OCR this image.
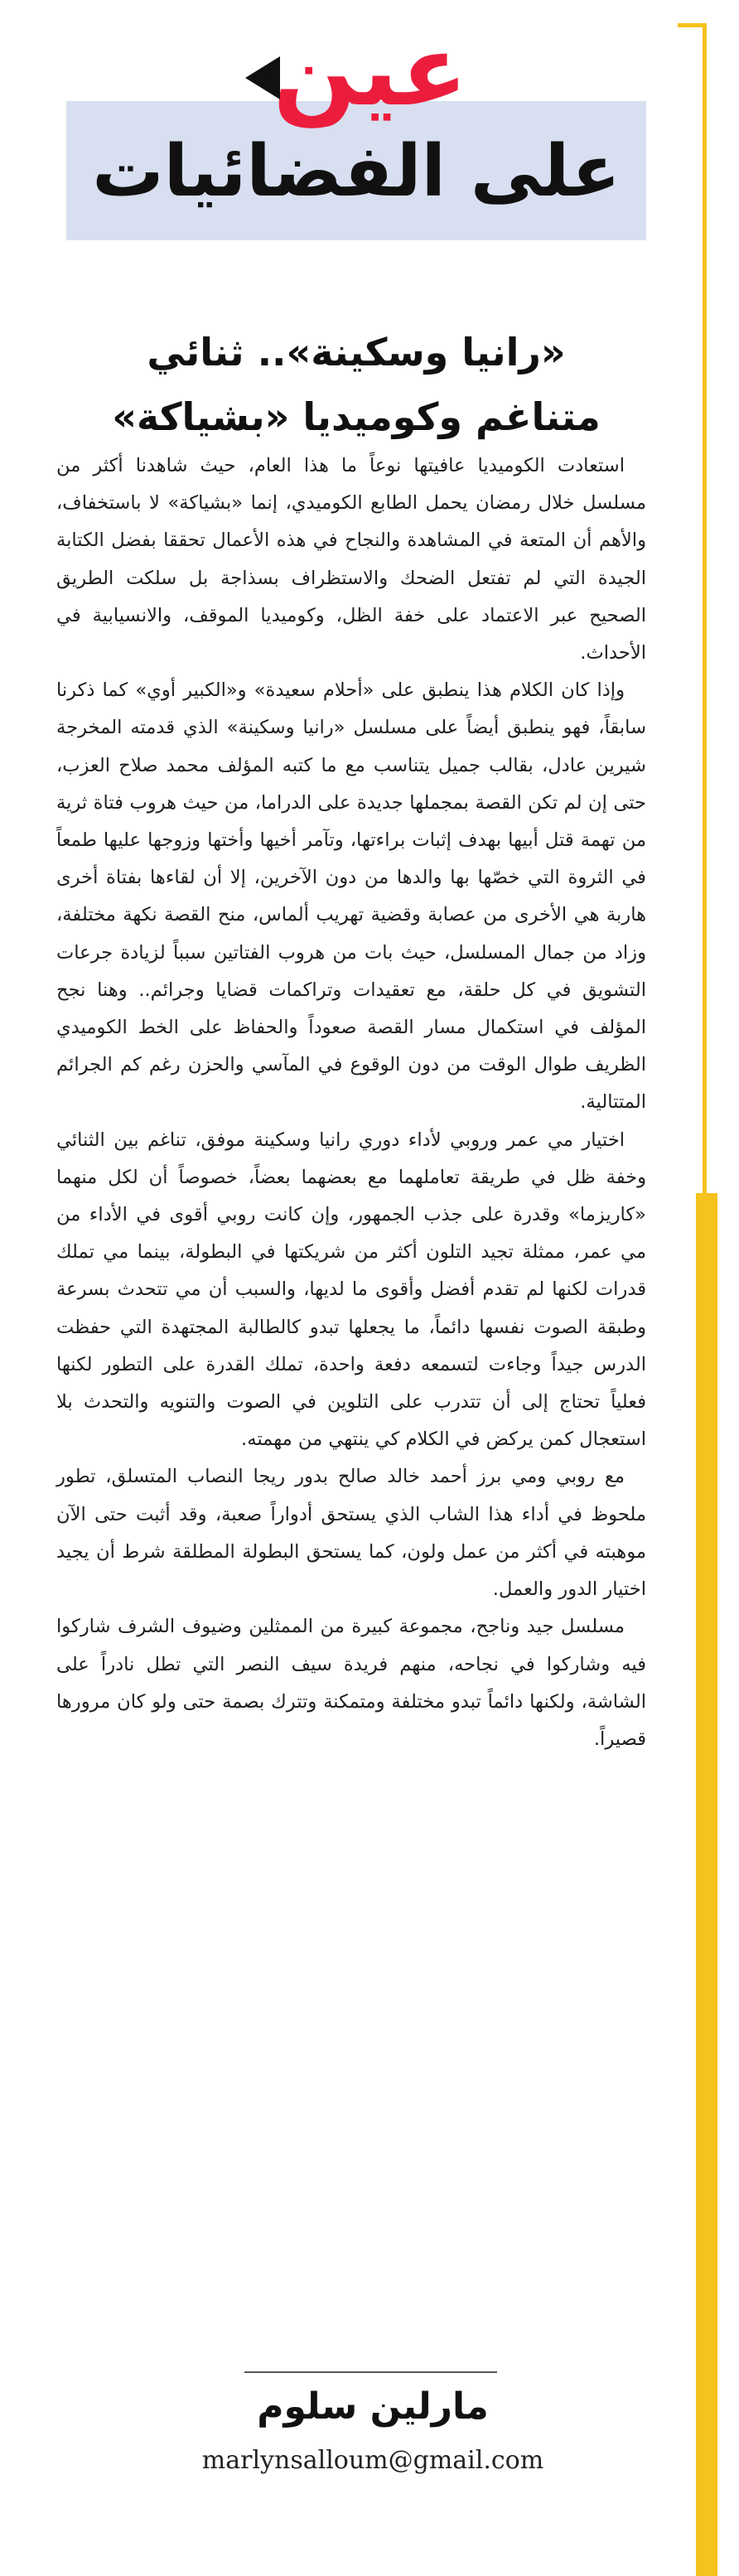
عين
على الفضائيات
«رانيا وسكينة».. ثنائي
متناغم وكوميديا «بشياكة»

استعادت الكوميديا عافيتها نوعاً ما هذا العام، حيث شاهدنا أكثر من مسلسل خلال رمضان يحمل الطابع الكوميدي، إنما «بشياكة» لا باستخفاف، والأهم أن المتعة في المشاهدة والنجاح في هذه الأعمال تحققا بفضل الكتابة الجيدة التي لم تفتعل الضحك والاستظراف بسذاجة بل سلكت الطريق الصحيح عبر الاعتماد على خفة الظل، وكوميديا الموقف، والانسيابية في الأحداث.

وإذا كان الكلام هذا ينطبق على «أحلام سعيدة» و«الكبير أوي» كما ذكرنا سابقاً، فهو ينطبق أيضاً على مسلسل «رانيا وسكينة» الذي قدمته المخرجة شيرين عادل، بقالب جميل يتناسب مع ما كتبه المؤلف محمد صلاح العزب، حتى إن لم تكن القصة بمجملها جديدة على الدراما، من حيث هروب فتاة ثرية من تهمة قتل أبيها بهدف إثبات براءتها، وتآمر أخيها وأختها وزوجها عليها طمعاً في الثروة التي خصّها بها والدها من دون الآخرين، إلا أن لقاءها بفتاة أخرى هاربة هي الأخرى من عصابة وقضية تهريب ألماس، منح القصة نكهة مختلفة، وزاد من جمال المسلسل، حيث بات من هروب الفتاتين سبباً لزيادة جرعات التشويق في كل حلقة، مع تعقيدات وتراكمات قضايا وجرائم.. وهنا نجح المؤلف في استكمال مسار القصة صعوداً والحفاظ على الخط الكوميدي الظريف طوال الوقت من دون الوقوع في المآسي والحزن رغم كم الجرائم المتتالية.

اختيار مي عمر وروبي لأداء دوري رانيا وسكينة موفق، تناغم بين الثنائي وخفة ظل في طريقة تعاملهما مع بعضهما بعضاً، خصوصاً أن لكل منهما «كاريزما» وقدرة على جذب الجمهور، وإن كانت روبي أقوى في الأداء من مي عمر، ممثلة تجيد التلون أكثر من شريكتها في البطولة، بينما مي تملك قدرات لكنها لم تقدم أفضل وأقوى ما لديها، والسبب أن مي تتحدث بسرعة وطبقة الصوت نفسها دائماً، ما يجعلها تبدو كالطالبة المجتهدة التي حفظت الدرس جيداً وجاءت لتسمعه دفعة واحدة، تملك القدرة على التطور لكنها فعلياً تحتاج إلى أن تتدرب على التلوين في الصوت والتنويه والتحدث بلا استعجال كمن يركض في الكلام كي ينتهي من مهمته.

مع روبي ومي برز أحمد خالد صالح بدور ريجا النصاب المتسلق، تطور ملحوظ في أداء هذا الشاب الذي يستحق أدواراً صعبة، وقد أثبت حتى الآن موهبته في أكثر من عمل ولون، كما يستحق البطولة المطلقة شرط أن يجيد اختيار الدور والعمل.

مسلسل جيد وناجح، مجموعة كبيرة من الممثلين وضيوف الشرف شاركوا فيه وشاركوا في نجاحه، منهم فريدة سيف النصر التي تطل نادراً على الشاشة، ولكنها دائماً تبدو مختلفة ومتمكنة وتترك بصمة حتى ولو كان مرورها قصيراً.

مارلين سلوم
marlynsalloum@gmail.com
